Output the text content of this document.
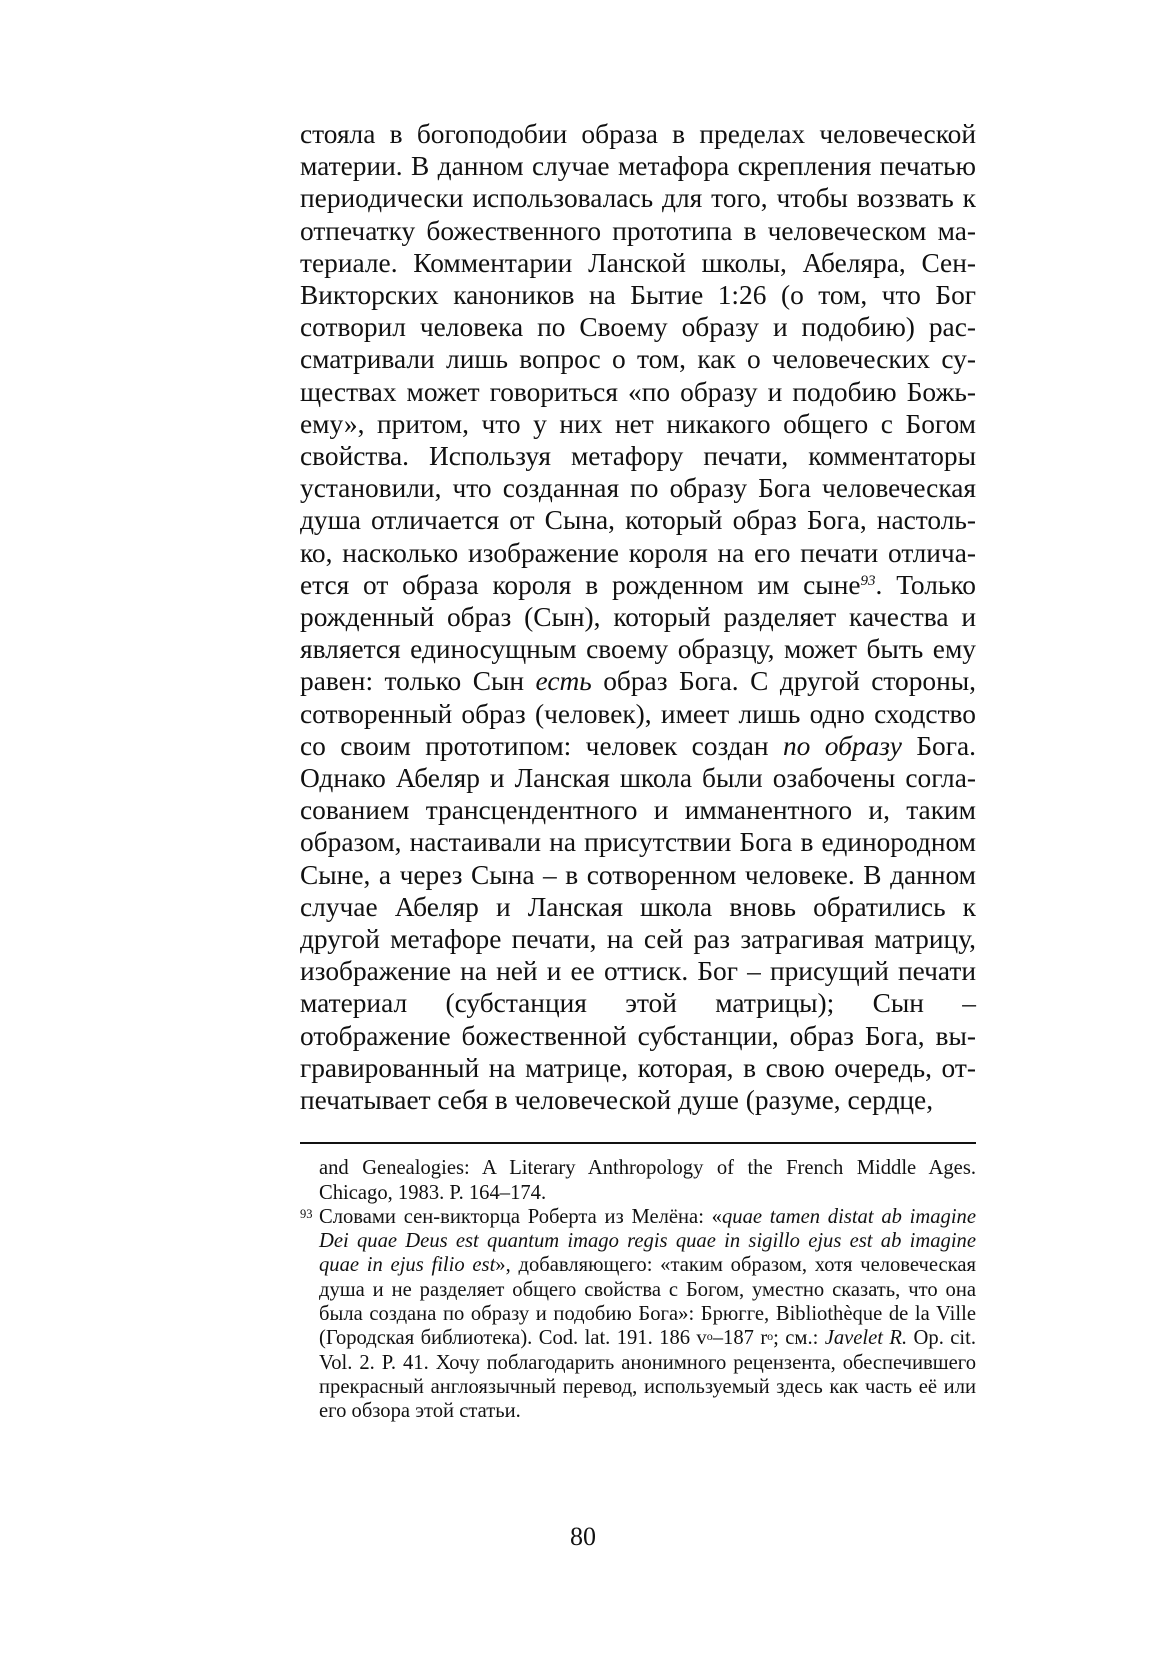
стояла в богоподобии образа в пределах человеческой материи. В данном случае метафора скрепления печатью периодически использовалась для того, чтобы воззвать к отпечатку божественного прототипа в человеческом материале. Комментарии Ланской школы, Абеляра, Сен-Викторских каноников на Бытие 1:26 (о том, что Бог сотворил человека по Своему образу и подобию) рассматривали лишь вопрос о том, как о человеческих существах может говориться «по образу и подобию Божьему», притом, что у них нет никакого общего с Богом свойства. Используя метафору печати, комментаторы установили, что созданная по образу Бога человеческая душа отличается от Сына, который образ Бога, настолько, насколько изображение короля на его печати отличается от образа короля в рожденном им сыне$^{93}$. Только рожденный образ (Сын), который разделяет качества и является единосущным своему образцу, может быть ему равен: только Сын есть образ Бога. С другой стороны, сотворенный образ (человек), имеет лишь одно сходство со своим прототипом: человек создан по образу Бога. Однако Абеляр и Ланская школа были озабочены согласованием трансцендентного и имманентного и, таким образом, настаивали на присутствии Бога в единородном Сыне, а через Сына – в сотворенном человеке. В данном случае Абеляр и Ланская школа вновь обратились к другой метафоре печати, на сей раз затрагивая матрицу, изображение на ней и ее оттиск. Бог – присущий печати материал (субстанция этой матрицы); Сын – отображение божественной субстанции, образ Бога, выгравированный на матрице, которая, в свою очередь, отпечатывает себя в человеческой душе (разуме, сердце,

and Genealogies: A Literary Anthropology of the French Middle Ages. Chicago, 1983. P. 164–174.

93 Словами сен-викторца Роберта из Мелёна: «quae tamen distat ab imagine Dei quae Deus est quantum imago regis quae in sigillo ejus est ab imagine quae in ejus filio est», добавляющего: «таким образом, хотя человеческая душа и не разделяет общего свойства с Богом, уместно сказать, что она была создана по образу и подобию Бога»: Брюгге, Bibliothèque de la Ville (Городская библиотека). Cod. lat. 191. 186 $v^o-187$ $r^o$; см.: Javelet R. Op. cit. Vol. 2. P. 41. Хочу поблагодарить анонимного рецензента, обеспечившего прекрасный англоязычный перевод, используемый здесь как часть её или его обзора этой статьи.

80
